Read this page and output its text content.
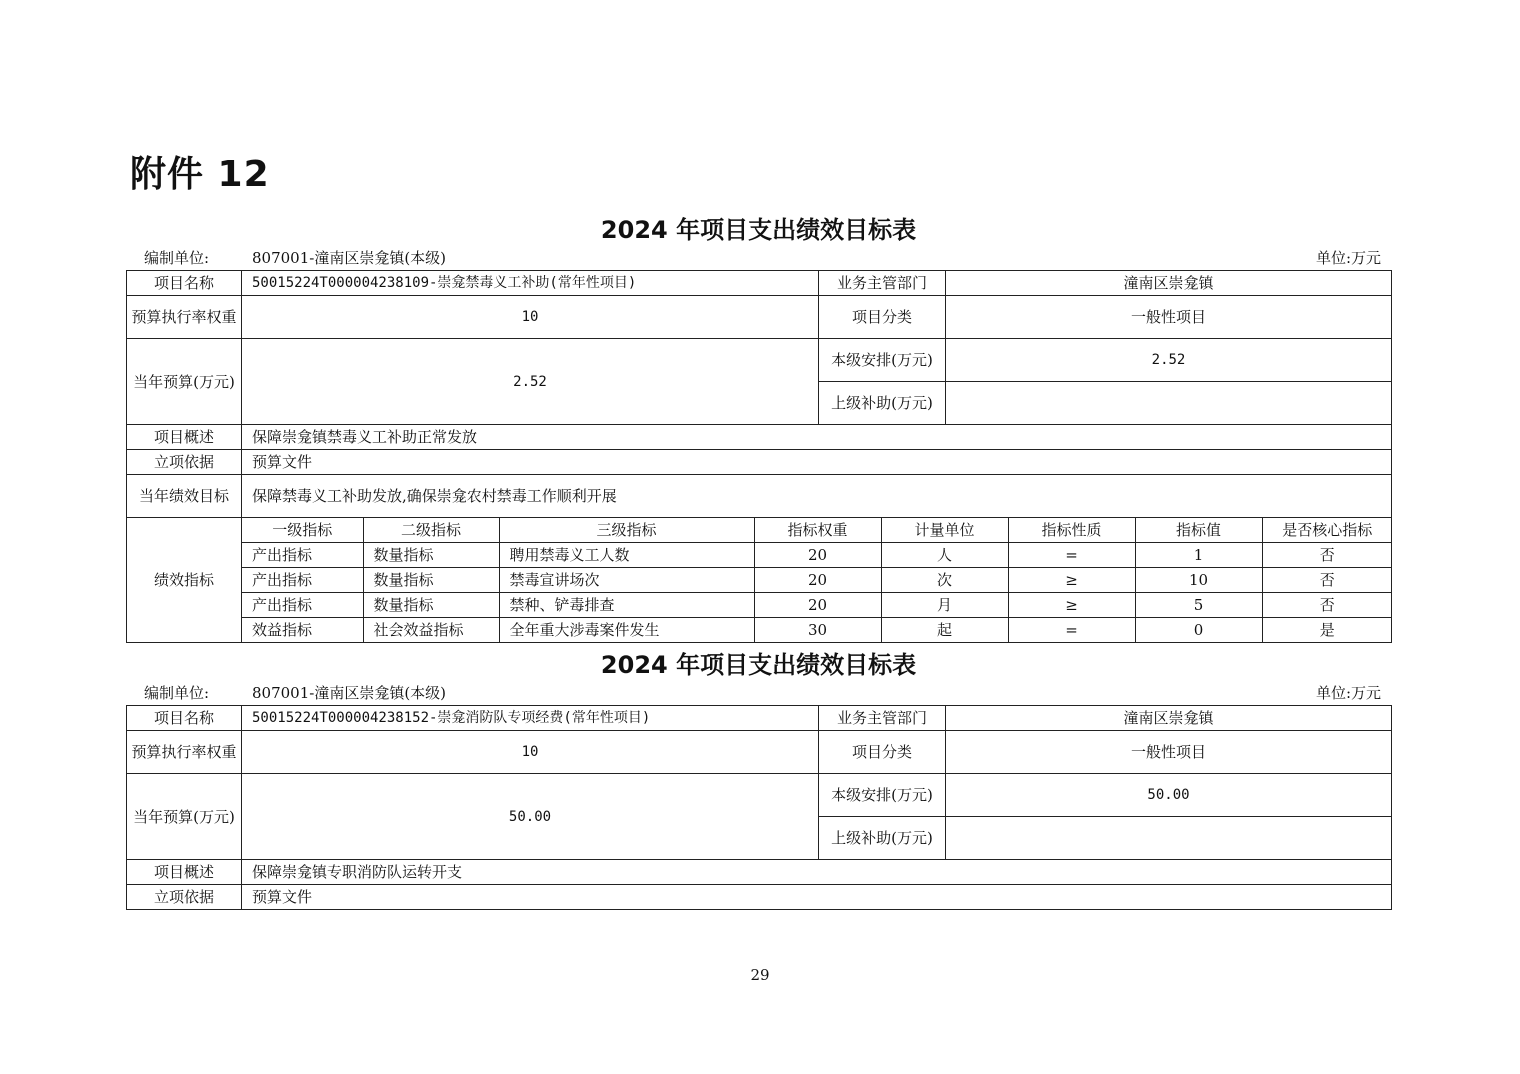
附件 12
2024 年项目支出绩效目标表
编制单位:	807001-潼南区崇龛镇(本级)	单位:万元
项目名称	50015224T000004238109-崇龛禁毒义工补助(常年性项目)	业务主管部门	潼南区崇龛镇
预算执行率权重	10	项目分类	一般性项目
当年预算(万元)	2.52	本级安排(万元)	2.52
上级补助(万元)	
项目概述	保障崇龛镇禁毒义工补助正常发放
立项依据	预算文件
当年绩效目标	保障禁毒义工补助发放,确保崇龛农村禁毒工作顺利开展
绩效指标	
一级指标	二级指标	三级指标	指标权重	计量单位	指标性质	指标值	是否核心指标
产出指标	数量指标	聘用禁毒义工人数	20	人	=	1	否
产出指标	数量指标	禁毒宣讲场次	20	次	≥	10	否
产出指标	数量指标	禁种、铲毒排查	20	月	≥	5	否
效益指标	社会效益指标	全年重大涉毒案件发生	30	起	=	0	是
2024 年项目支出绩效目标表
编制单位:	807001-潼南区崇龛镇(本级)	单位:万元
项目名称	50015224T000004238152-崇龛消防队专项经费(常年性项目)	业务主管部门	潼南区崇龛镇
预算执行率权重	10	项目分类	一般性项目
当年预算(万元)	50.00	本级安排(万元)	50.00
		上级补助(万元)	
项目概述	保障崇龛镇专职消防队运转开支		
立项依据	预算文件		
29
